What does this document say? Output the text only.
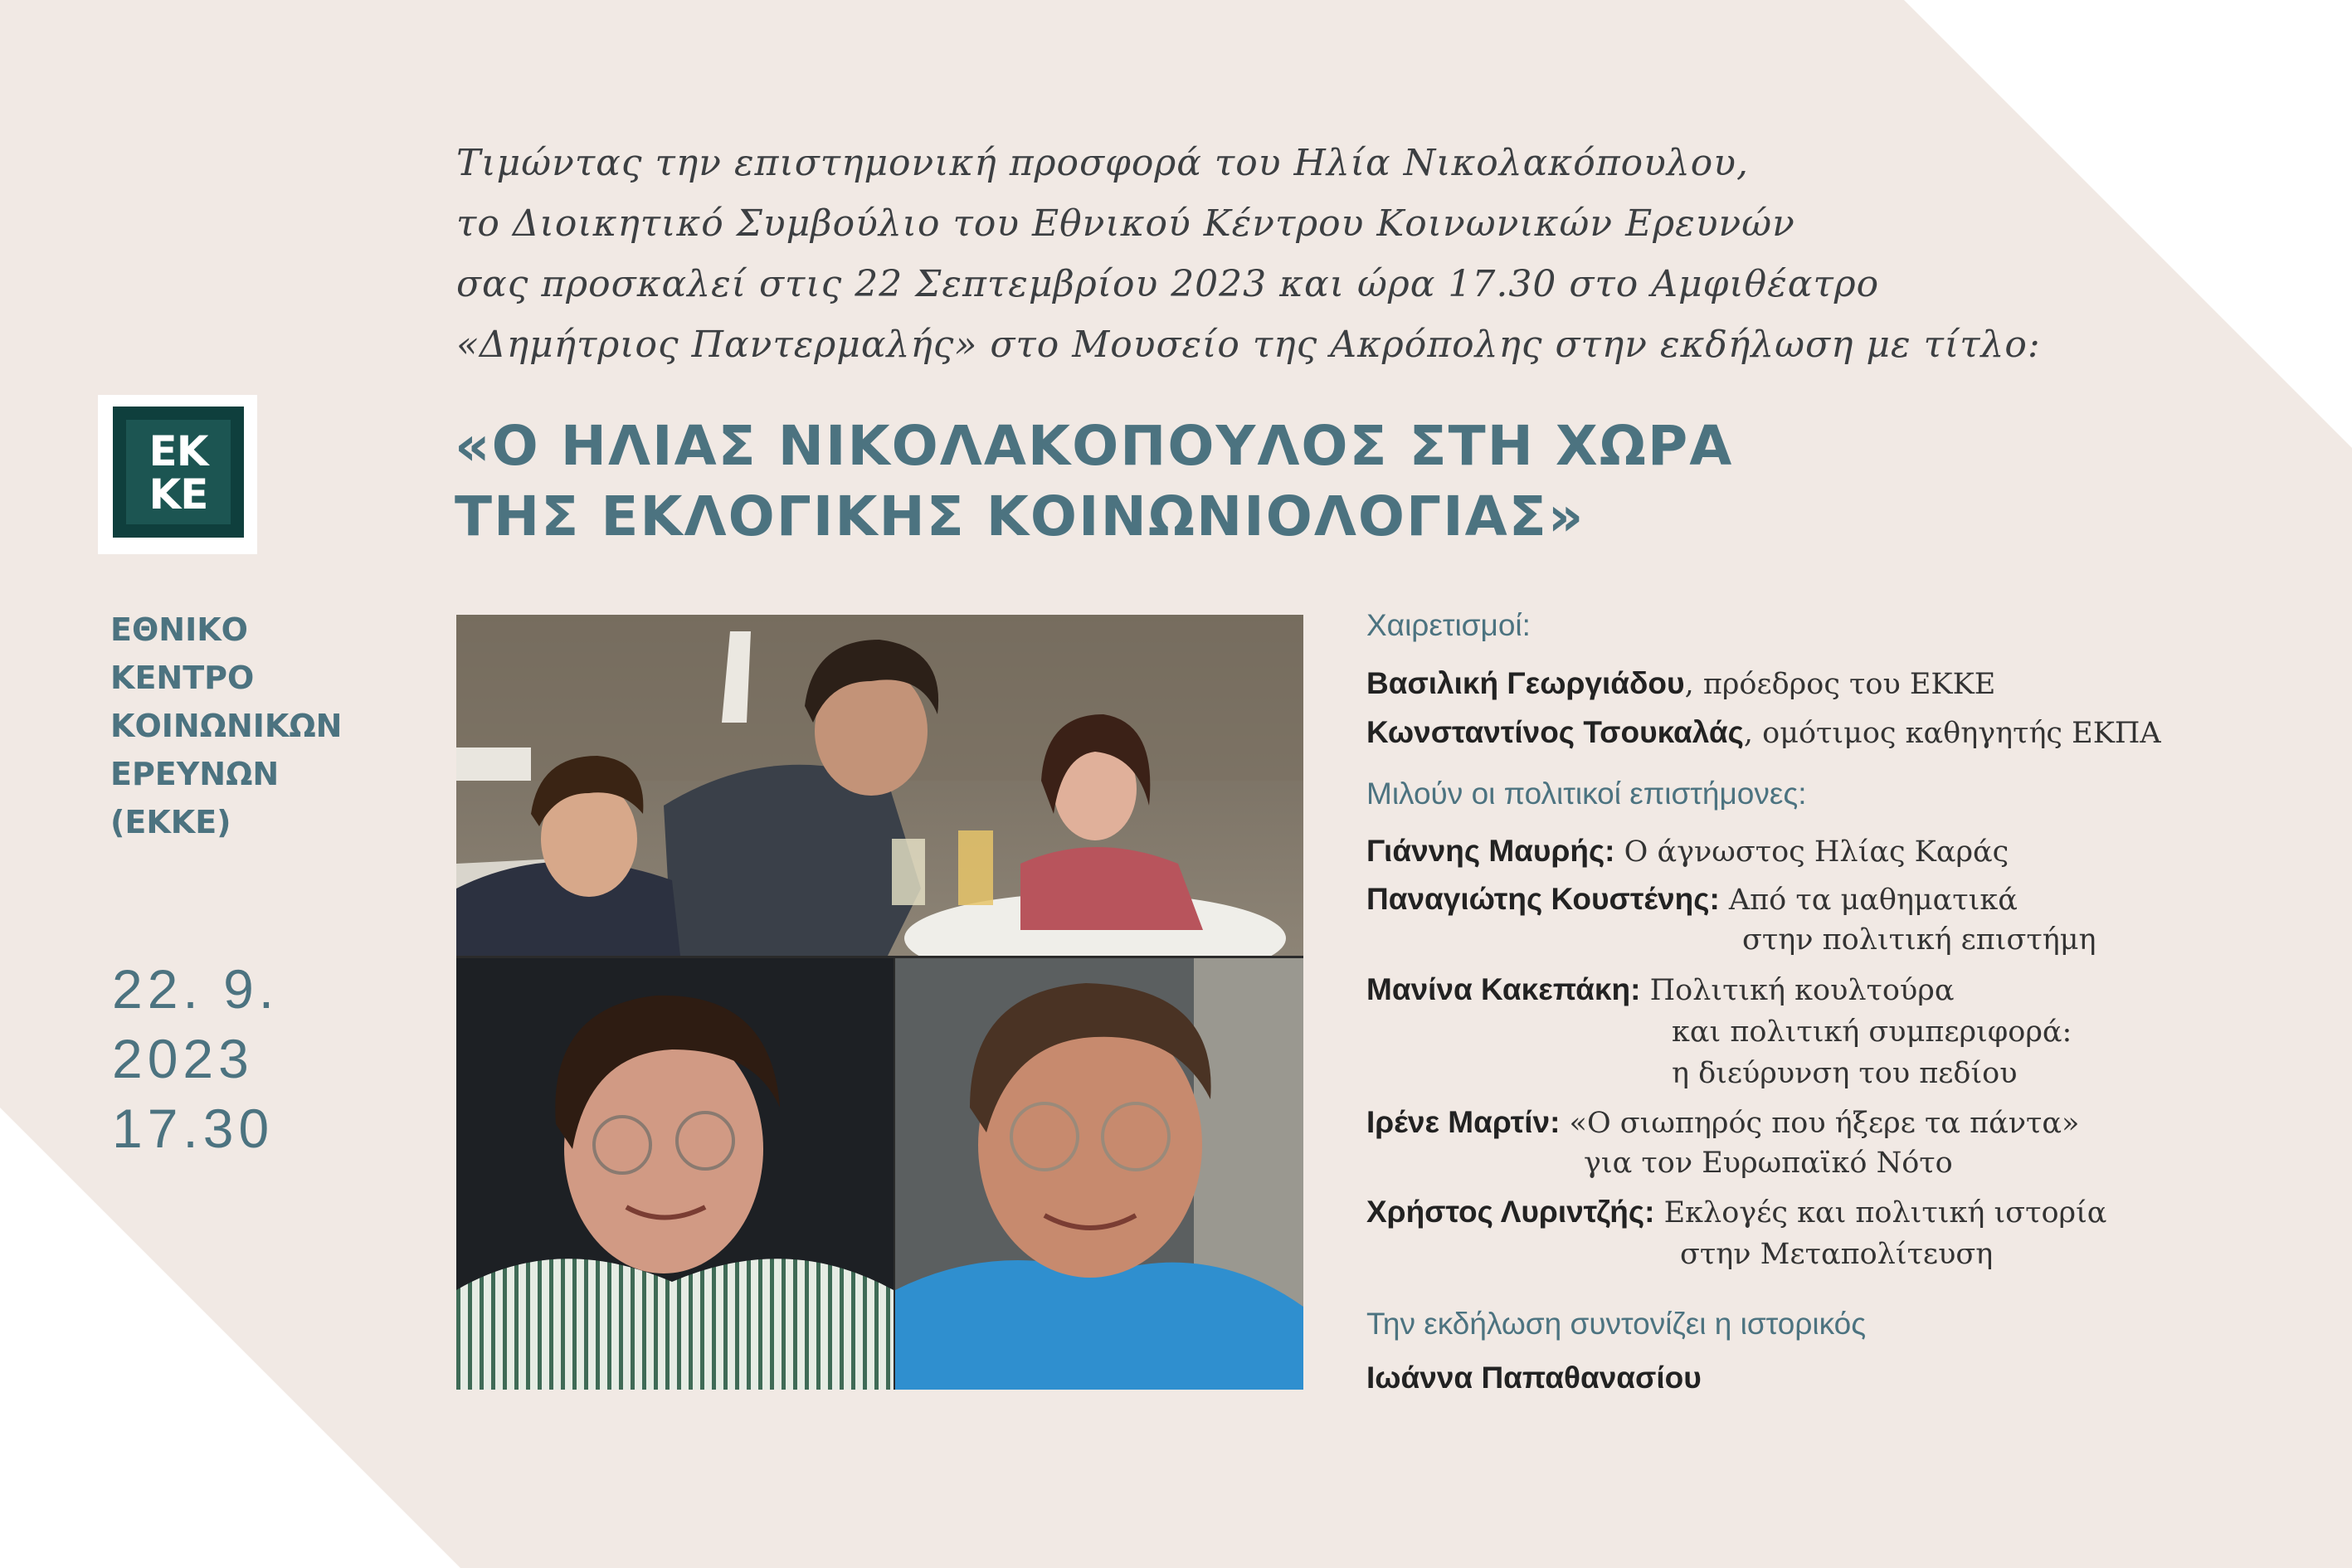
Τιμώντας την επιστημονική προσφορά του Ηλία Νικολακόπουλου,
το Διοικητικό Συμβούλιο του Εθνικού Κέντρου Κοινωνικών Ερευνών
σας προσκαλεί στις 22 Σεπτεμβρίου 2023 και ώρα 17.30 στο Αμφιθέατρο
«Δημήτριος Παντερμαλής» στο Μουσείο της Ακρόπολης στην εκδήλωση με τίτλο:
«Ο ΗΛΙΑΣ ΝΙΚΟΛΑΚΟΠΟΥΛΟΣ ΣΤΗ ΧΩΡΑ
ΤΗΣ ΕΚΛΟΓΙΚΗΣ ΚΟΙΝΩΝΙΟΛΟΓΙΑΣ»
ΕΚ
ΚΕ
ΕΘΝΙΚΟ
ΚΕΝΤΡΟ
ΚΟΙΝΩΝΙΚΩΝ
ΕΡΕΥΝΩΝ
(ΕΚΚΕ)
22. 9.
2023
17.30
Χαιρετισμοί:
Βασιλική Γεωργιάδου, πρόεδρος του ΕΚΚΕ
Κωνσταντίνος Τσουκαλάς, ομότιμος καθηγητής ΕΚΠΑ
Μιλούν οι πολιτικοί επιστήμονες:
Γιάννης Μαυρής: Ο άγνωστος Ηλίας Καράς
Παναγιώτης Κουστένης: Από τα μαθηματικά
στην πολιτική επιστήμη
Μανίνα Κακεπάκη: Πολιτική κουλτούρα
και πολιτική συμπεριφορά:
η διεύρυνση του πεδίου
Ιρένε Μαρτίν: «Ο σιωπηρός που ήξερε τα πάντα»
για τον Ευρωπαϊκό Νότο
Χρήστος Λυριντζής: Εκλογές και πολιτική ιστορία
στην Μεταπολίτευση
Την εκδήλωση συντονίζει η ιστορικός
Ιωάννα Παπαθανασίου
